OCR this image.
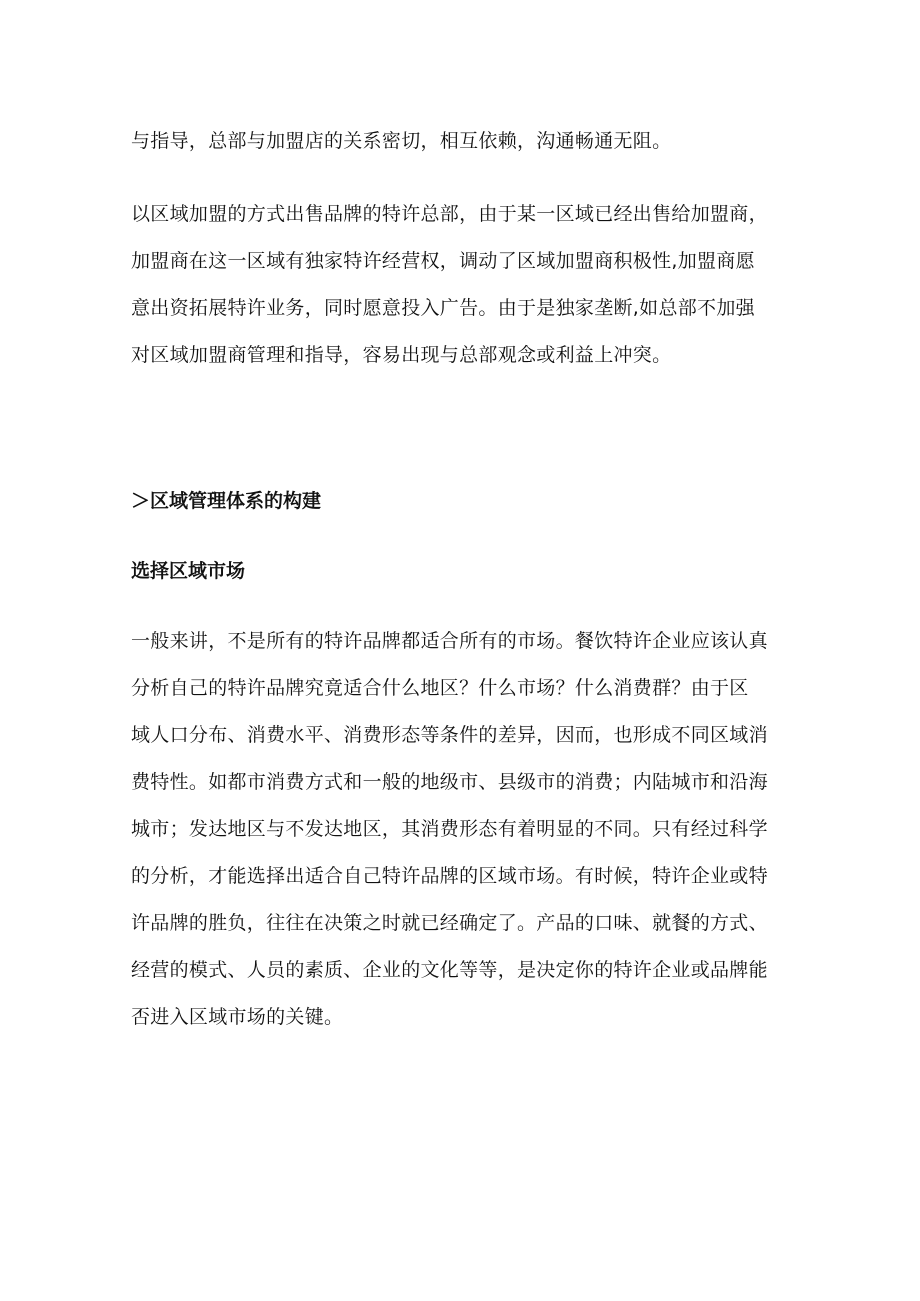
与指导，总部与加盟店的关系密切，相互依赖，沟通畅通无阻。

以区域加盟的方式出售品牌的特许总部，由于某一区域已经出售给加盟商，
加盟商在这一区域有独家特许经营权，调动了区域加盟商积极性,加盟商愿
意出资拓展特许业务，同时愿意投入广告。由于是独家垄断,如总部不加强
对区域加盟商管理和指导，容易出现与总部观念或利益上冲突。

＞区域管理体系的构建
选择区域市场

一般来讲，不是所有的特许品牌都适合所有的市场。餐饮特许企业应该认真
分析自己的特许品牌究竟适合什么地区？什么市场？什么消费群？由于区
域人口分布、消费水平、消费形态等条件的差异，因而，也形成不同区域消
费特性。如都市消费方式和一般的地级市、县级市的消费；内陆城市和沿海
城市；发达地区与不发达地区，其消费形态有着明显的不同。只有经过科学
的分析，才能选择出适合自己特许品牌的区域市场。有时候，特许企业或特
许品牌的胜负，往往在决策之时就已经确定了。产品的口味、就餐的方式、
经营的模式、人员的素质、企业的文化等等，是决定你的特许企业或品牌能
否进入区域市场的关键。
